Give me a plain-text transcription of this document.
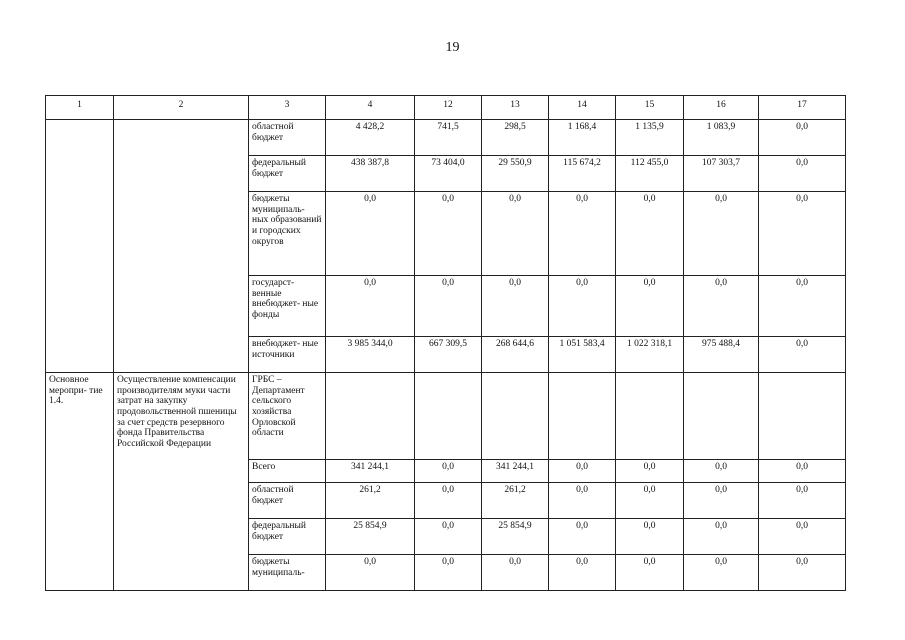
19
1	2	3	4	12	13	14	15	16	17
		областной бюджет	4 428,2	741,5	298,5	1 168,4	1 135,9	1 083,9	0,0
		федеральный бюджет	438 387,8	73 404,0	29 550,9	115 674,2	112 455,0	107 303,7	0,0
		бюджеты муниципаль- ных образований и городских округов	0,0	0,0	0,0	0,0	0,0	0,0	0,0
		государст- венные внебюджет- ные фонды	0,0	0,0	0,0	0,0	0,0	0,0	0,0
		внебюджет- ные источники	3 985 344,0	667 309,5	268 644,6	1 051 583,4	1 022 318,1	975 488,4	0,0
Основное меропри- тие 1.4.	Осуществление компенсации производителям муки части затрат на закупку продовольственной пшеницы за счет средств резервного фонда Правительства Российской Федерации	ГРБС – Департамент сельского хозяйства Орловской области							
		Всего	341 244,1	0,0	341 244,1	0,0	0,0	0,0	0,0
		областной бюджет	261,2	0,0	261,2	0,0	0,0	0,0	0,0
		федеральный бюджет	25 854,9	0,0	25 854,9	0,0	0,0	0,0	0,0
		бюджеты муниципаль-	0,0	0,0	0,0	0,0	0,0	0,0	0,0
